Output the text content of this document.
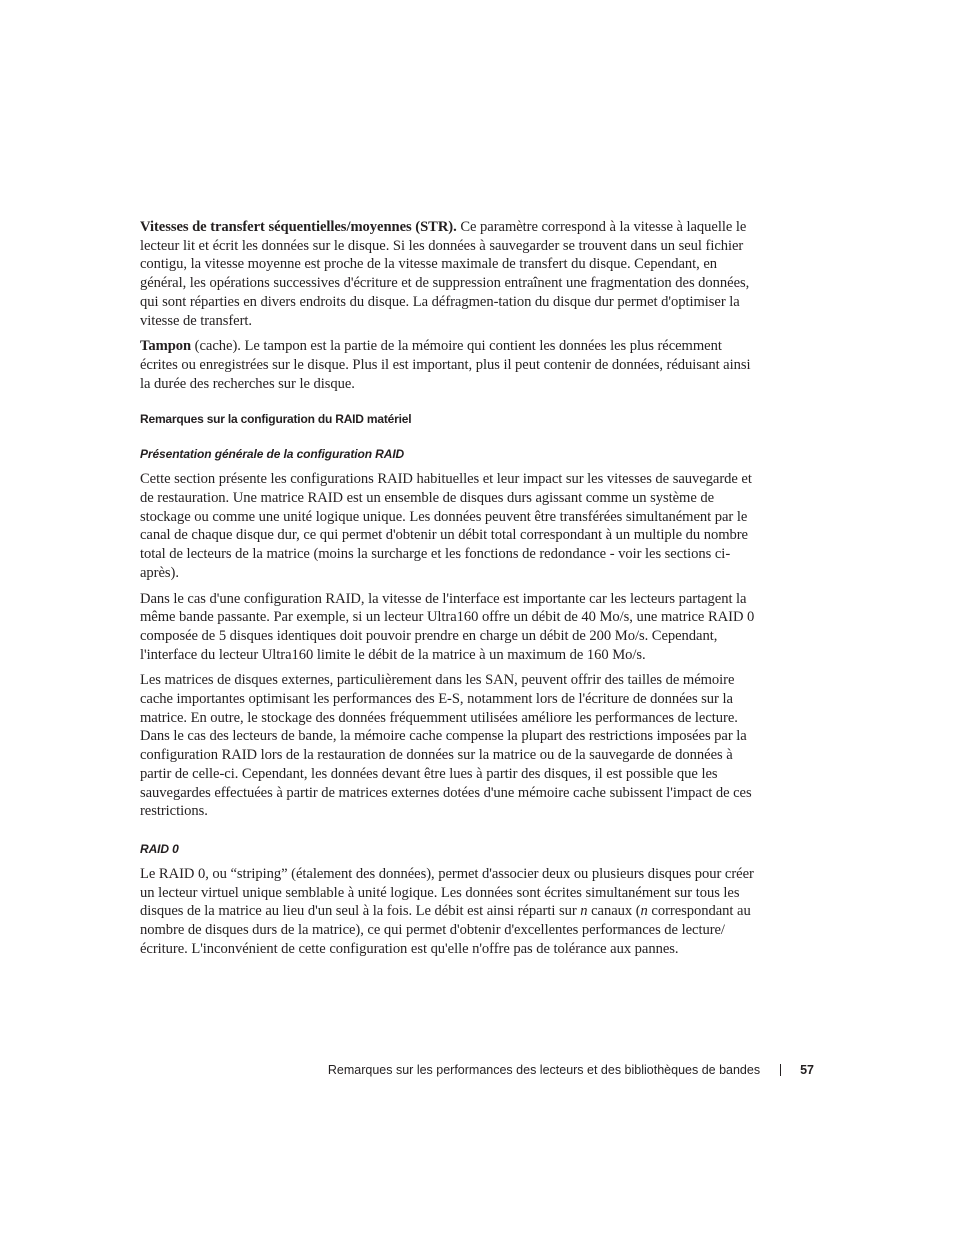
Vitesses de transfert séquentielles/moyennes (STR). Ce paramètre correspond à la vitesse à laquelle le lecteur lit et écrit les données sur le disque. Si les données à sauvegarder se trouvent dans un seul fichier contigu, la vitesse moyenne est proche de la vitesse maximale de transfert du disque. Cependant, en général, les opérations successives d'écriture et de suppression entraînent une fragmentation des données, qui sont réparties en divers endroits du disque. La défragmen-tation du disque dur permet d'optimiser la vitesse de transfert.

Tampon (cache). Le tampon est la partie de la mémoire qui contient les données les plus récemment écrites ou enregistrées sur le disque. Plus il est important, plus il peut contenir de données, réduisant ainsi la durée des recherches sur le disque.

Remarques sur la configuration du RAID matériel
Présentation générale de la configuration RAID

Cette section présente les configurations RAID habituelles et leur impact sur les vitesses de sauvegarde et de restauration. Une matrice RAID est un ensemble de disques durs agissant comme un système de stockage ou comme une unité logique unique. Les données peuvent être transférées simultanément par le canal de chaque disque dur, ce qui permet d'obtenir un débit total correspondant à un multiple du nombre total de lecteurs de la matrice (moins la surcharge et les fonctions de redondance - voir les sections ci-après).

Dans le cas d'une configuration RAID, la vitesse de l'interface est importante car les lecteurs partagent la même bande passante. Par exemple, si un lecteur Ultra160 offre un débit de 40 Mo/s, une matrice RAID 0 composée de 5 disques identiques doit pouvoir prendre en charge un débit de 200 Mo/s. Cependant, l'interface du lecteur Ultra160 limite le débit de la matrice à un maximum de 160 Mo/s.

Les matrices de disques externes, particulièrement dans les SAN, peuvent offrir des tailles de mémoire cache importantes optimisant les performances des E-S, notamment lors de l'écriture de données sur la matrice. En outre, le stockage des données fréquemment utilisées améliore les performances de lecture. Dans le cas des lecteurs de bande, la mémoire cache compense la plupart des restrictions imposées par la configuration RAID lors de la restauration de données sur la matrice ou de la sauvegarde de données à partir de celle-ci. Cependant, les données devant être lues à partir des disques, il est possible que les sauvegardes effectuées à partir de matrices externes dotées d'une mémoire cache subissent l'impact de ces restrictions.

RAID 0

Le RAID 0, ou “striping” (étalement des données), permet d'associer deux ou plusieurs disques pour créer un lecteur virtuel unique semblable à unité logique. Les données sont écrites simultanément sur tous les disques de la matrice au lieu d'un seul à la fois. Le débit est ainsi réparti sur n canaux (n correspondant au nombre de disques durs de la matrice), ce qui permet d'obtenir d'excellentes performances de lecture/écriture. L'inconvénient de cette configuration est qu'elle n'offre pas de tolérance aux pannes.

Remarques sur les performances des lecteurs et des bibliothèques de bandes	57
